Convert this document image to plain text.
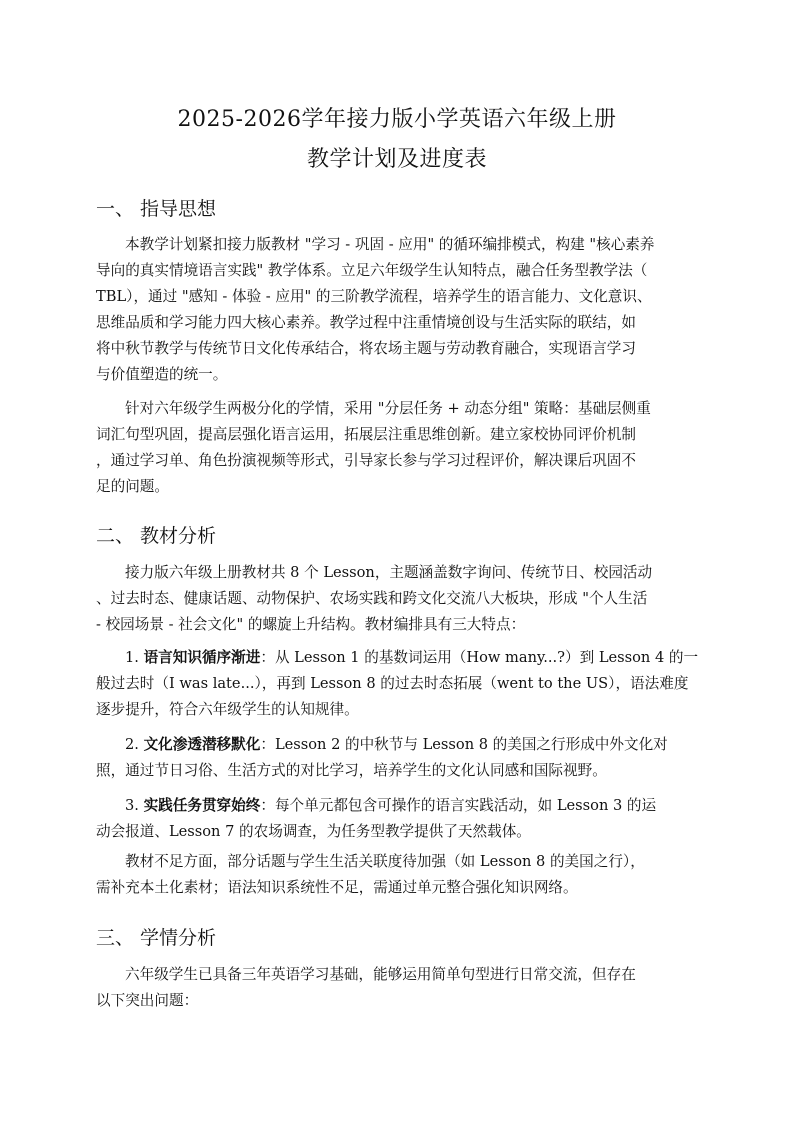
2025-2026学年接力版小学英语六年级上册
教学计划及进度表
一、 指导思想
本教学计划紧扣接力版教材 "学习 - 巩固 - 应用" 的循环编排模式，构建 "核心素养
导向的真实情境语言实践" 教学体系。立足六年级学生认知特点，融合任务型教学法（
TBL），通过 "感知 - 体验 - 应用" 的三阶教学流程，培养学生的语言能力、文化意识、
思维品质和学习能力四大核心素养。教学过程中注重情境创设与生活实际的联结，如
将中秋节教学与传统节日文化传承结合，将农场主题与劳动教育融合，实现语言学习
与价值塑造的统一。
针对六年级学生两极分化的学情，采用 "分层任务 + 动态分组" 策略：基础层侧重
词汇句型巩固，提高层强化语言运用，拓展层注重思维创新。建立家校协同评价机制
，通过学习单、角色扮演视频等形式，引导家长参与学习过程评价，解决课后巩固不
足的问题。
二、 教材分析
接力版六年级上册教材共 8 个 Lesson，主题涵盖数字询问、传统节日、校园活动
、过去时态、健康话题、动物保护、农场实践和跨文化交流八大板块，形成 "个人生活
- 校园场景 - 社会文化" 的螺旋上升结构。教材编排具有三大特点：
1. 语言知识循序渐进：从 Lesson 1 的基数词运用（How many...?）到 Lesson 4 的一
般过去时（I was late...），再到 Lesson 8 的过去时态拓展（went to the US），语法难度
逐步提升，符合六年级学生的认知规律。
2. 文化渗透潜移默化：Lesson 2 的中秋节与 Lesson 8 的美国之行形成中外文化对
照，通过节日习俗、生活方式的对比学习，培养学生的文化认同感和国际视野。
3. 实践任务贯穿始终：每个单元都包含可操作的语言实践活动，如 Lesson 3 的运
动会报道、Lesson 7 的农场调查，为任务型教学提供了天然载体。
教材不足方面，部分话题与学生生活关联度待加强（如 Lesson 8 的美国之行），
需补充本土化素材；语法知识系统性不足，需通过单元整合强化知识网络。
三、 学情分析
六年级学生已具备三年英语学习基础，能够运用简单句型进行日常交流，但存在
以下突出问题：
